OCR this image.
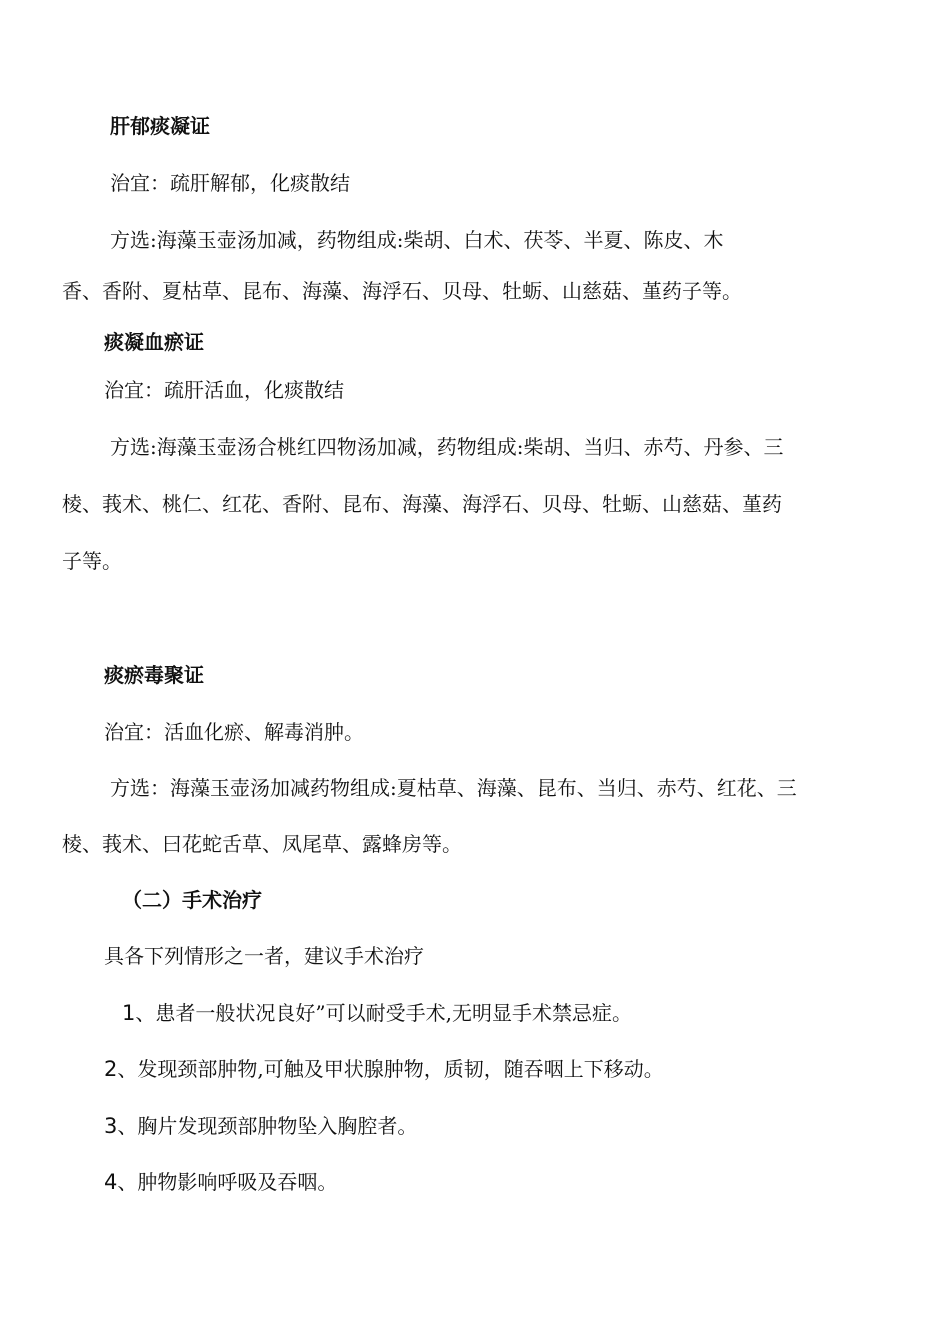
肝郁痰凝证
治宜：疏肝解郁，化痰散结
方选:海藻玉壶汤加减，药物组成:柴胡、白术、茯苓、半夏、陈皮、木
香、香附、夏枯草、昆布、海藻、海浮石、贝母、牡蛎、山慈菇、堇药子等。
痰凝血瘀证
治宜：疏肝活血，化痰散结
方选:海藻玉壶汤合桃红四物汤加减，药物组成:柴胡、当归、赤芍、丹参、三
棱、莪术、桃仁、红花、香附、昆布、海藻、海浮石、贝母、牡蛎、山慈菇、堇药
子等。
痰瘀毒聚证
治宜：活血化瘀、解毒消肿。
方选：海藻玉壶汤加减药物组成:夏枯草、海藻、昆布、当归、赤芍、红花、三
棱、莪术、曰花蛇舌草、凤尾草、露蜂房等。
（二）手术治疗
具各下列情形之一者，建议手术治疗
1、患者一般状况良好”可以耐受手术,无明显手术禁忌症。
2、发现颈部肿物,可触及甲状腺肿物，质韧，随吞咽上下移动。
3、胸片发现颈部肿物坠入胸腔者。
4、肿物影响呼吸及吞咽。
